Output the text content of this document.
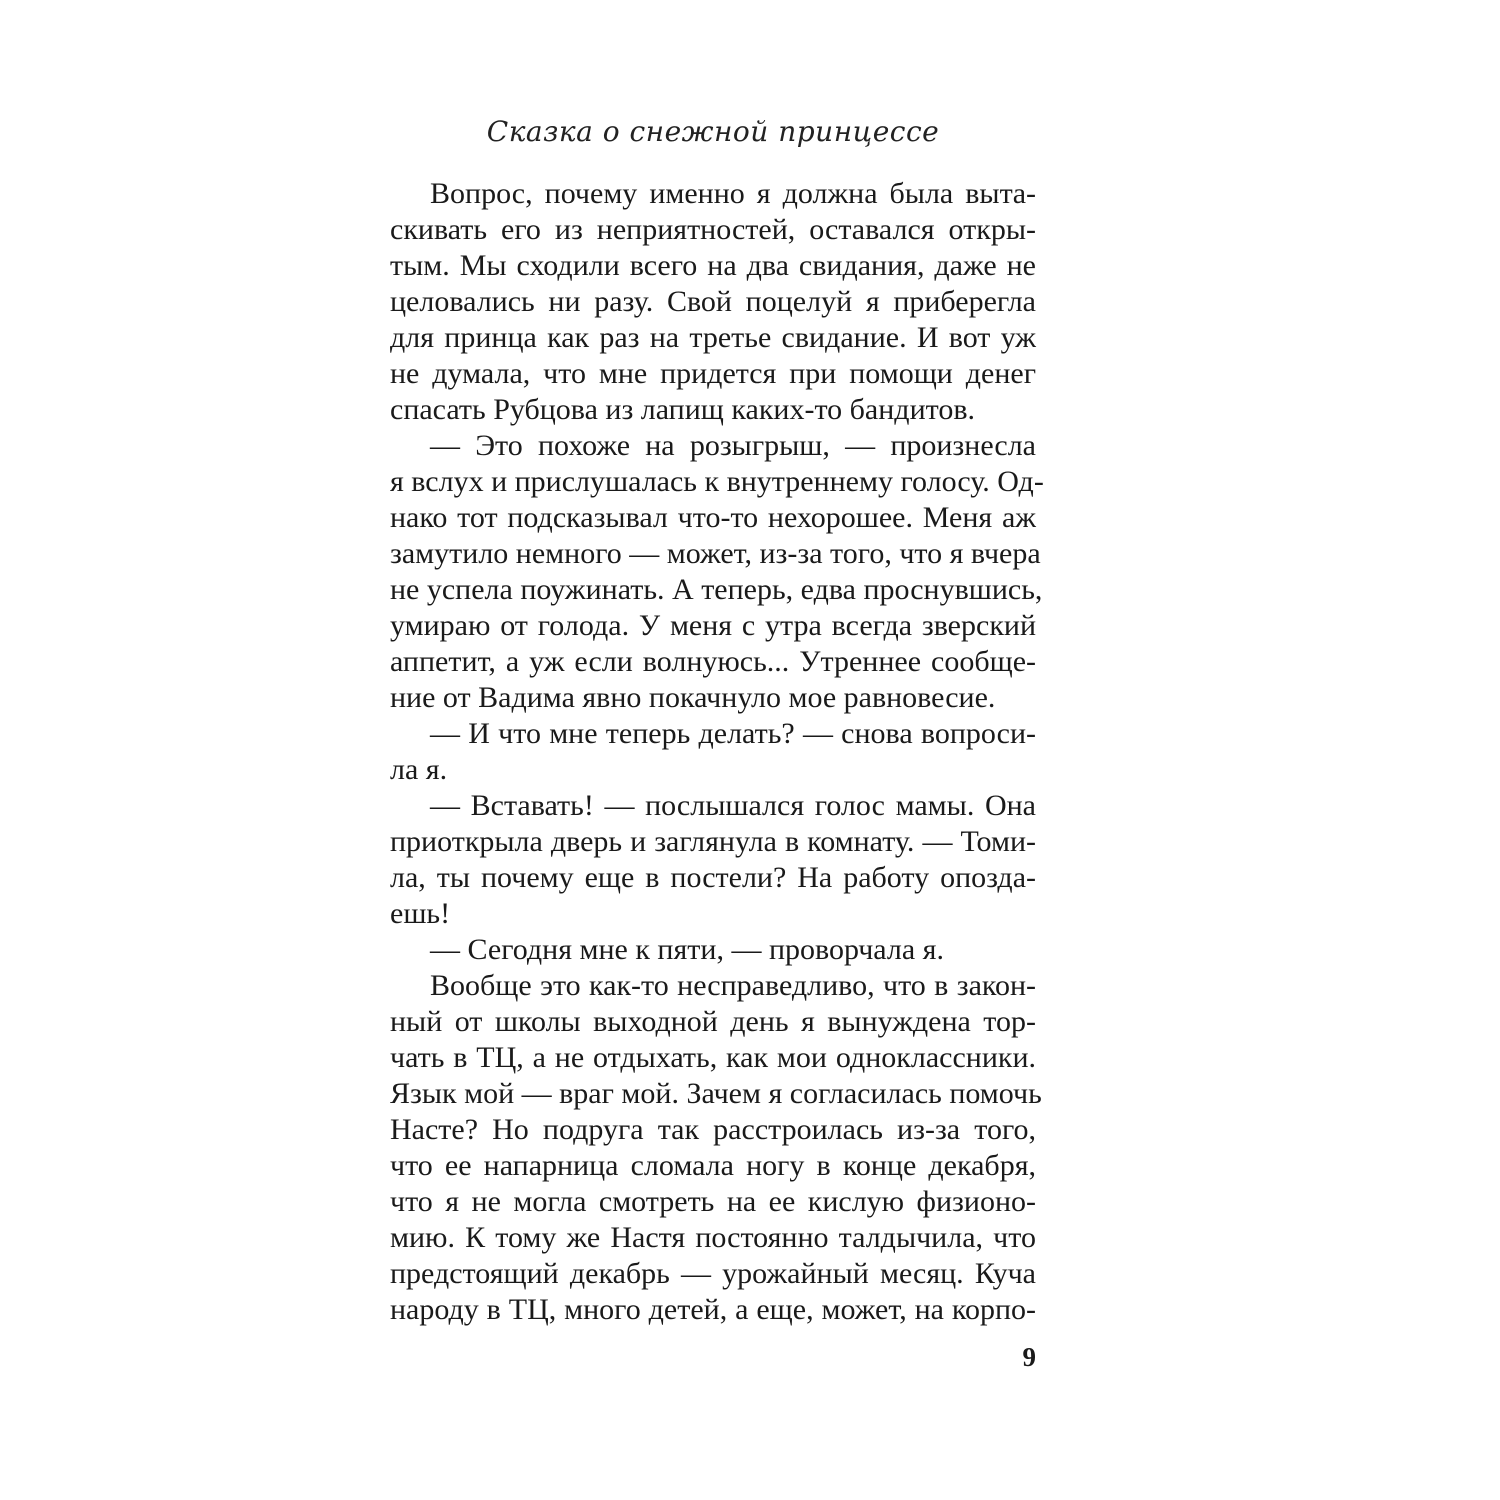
Сказка о снежной принцессе
Вопрос, почему именно я должна была вытa-
скивать его из неприятностей, оставался откры-
тым. Мы сходили всего на два свидания, даже не
целовались ни разу. Свой поцелуй я приберегла
для принца как раз на третье свидание. И вот уж
не думала, что мне придется при помощи денег
спасать Рубцова из лапищ каких-то бандитов.
— Это похоже на розыгрыш, — произнесла
я вслух и прислушалась к внутреннему голосу. Од-
нако тот подсказывал что-то нехорошее. Меня аж
замутило немного — может, из-за того, что я вчера
не успела поужинать. А теперь, едва проснувшись,
умираю от голода. У меня с утра всегда зверский
аппетит, а уж если волнуюсь... Утреннее сообще-
ние от Вадима явно покачнуло мое равновесие.
— И что мне теперь делать? — снова вопроси-
ла я.
— Вставать! — послышался голос мамы. Она
приоткрыла дверь и заглянула в комнату. — Томи-
ла, ты почему еще в постели? На работу опозда-
ешь!
— Сегодня мне к пяти, — проворчала я.
Вообще это как-то несправедливо, что в закон-
ный от школы выходной день я вынуждена тор-
чать в ТЦ, а не отдыхать, как мои одноклассники.
Язык мой — враг мой. Зачем я согласилась помочь
Насте? Но подруга так расстроилась из-за того,
что ее напарница сломала ногу в конце декабря,
что я не могла смотреть на ее кислую физионо-
мию. К тому же Настя постоянно талдычила, что
предстоящий декабрь — урожайный месяц. Куча
народу в ТЦ, много детей, а еще, может, на корпо-
9
